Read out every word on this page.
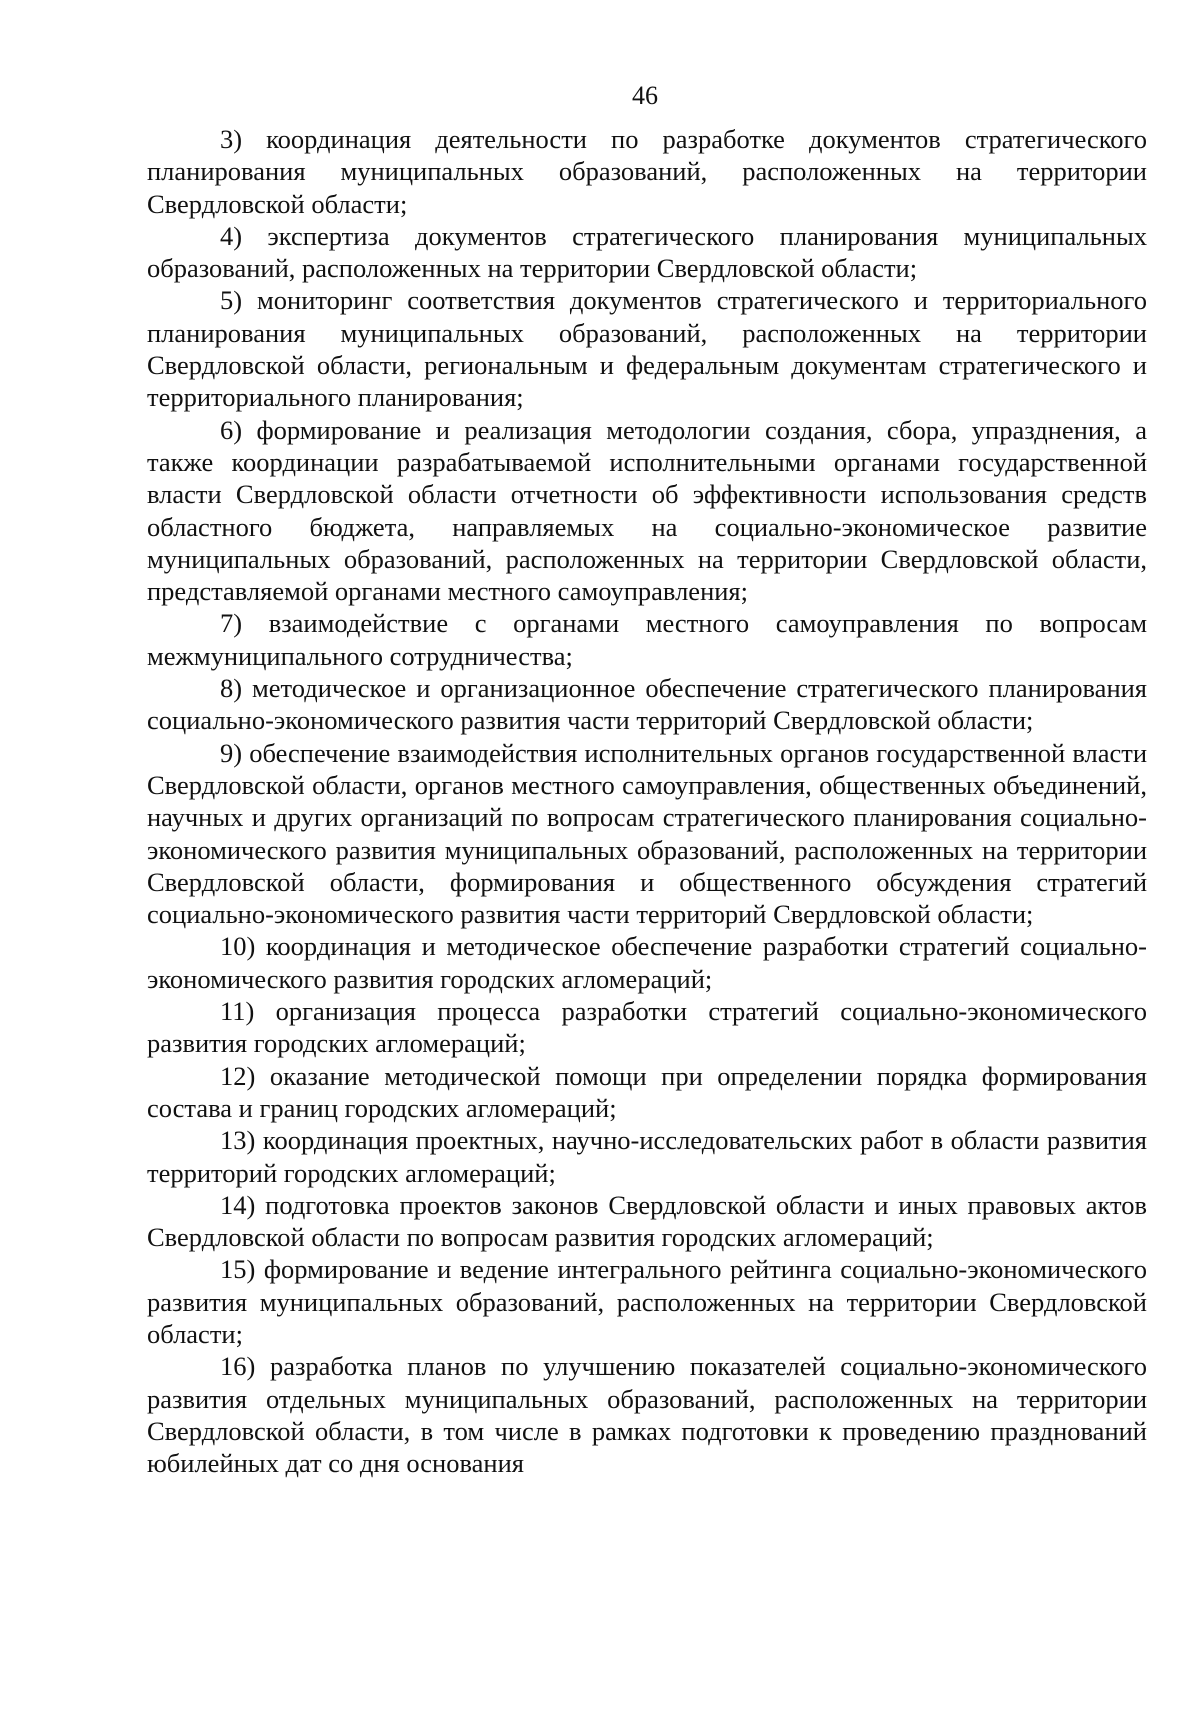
46

3) координация деятельности по разработке документов стратегического планирования муниципальных образований, расположенных на территории Свердловской области;

4) экспертиза документов стратегического планирования муниципальных образований, расположенных на территории Свердловской области;

5) мониторинг соответствия документов стратегического и территориального планирования муниципальных образований, расположенных на территории Свердловской области, региональным и федеральным документам стратегического и территориального планирования;

6) формирование и реализация методологии создания, сбора, упразднения, а также координации разрабатываемой исполнительными органами государственной власти Свердловской области отчетности об эффективности использования средств областного бюджета, направляемых на социально-экономическое развитие муниципальных образований, расположенных на территории Свердловской области, представляемой органами местного самоуправления;

7) взаимодействие с органами местного самоуправления по вопросам межмуниципального сотрудничества;

8) методическое и организационное обеспечение стратегического планирования социально-экономического развития части территорий Свердловской области;

9) обеспечение взаимодействия исполнительных органов государственной власти Свердловской области, органов местного самоуправления, общественных объединений, научных и других организаций по вопросам стратегического планирования социально-экономического развития муниципальных образований, расположенных на территории Свердловской области, формирования и общественного обсуждения стратегий социально-экономического развития части территорий Свердловской области;

10) координация и методическое обеспечение разработки стратегий социально-экономического развития городских агломераций;

11) организация процесса разработки стратегий социально-экономического развития городских агломераций;

12) оказание методической помощи при определении порядка формирования состава и границ городских агломераций;

13) координация проектных, научно-исследовательских работ в области развития территорий городских агломераций;

14) подготовка проектов законов Свердловской области и иных правовых актов Свердловской области по вопросам развития городских агломераций;

15) формирование и ведение интегрального рейтинга социально-экономического развития муниципальных образований, расположенных на территории Свердловской области;

16) разработка планов по улучшению показателей социально-экономического развития отдельных муниципальных образований, расположенных на территории Свердловской области, в том числе в рамках подготовки к проведению празднований юбилейных дат со дня основания
